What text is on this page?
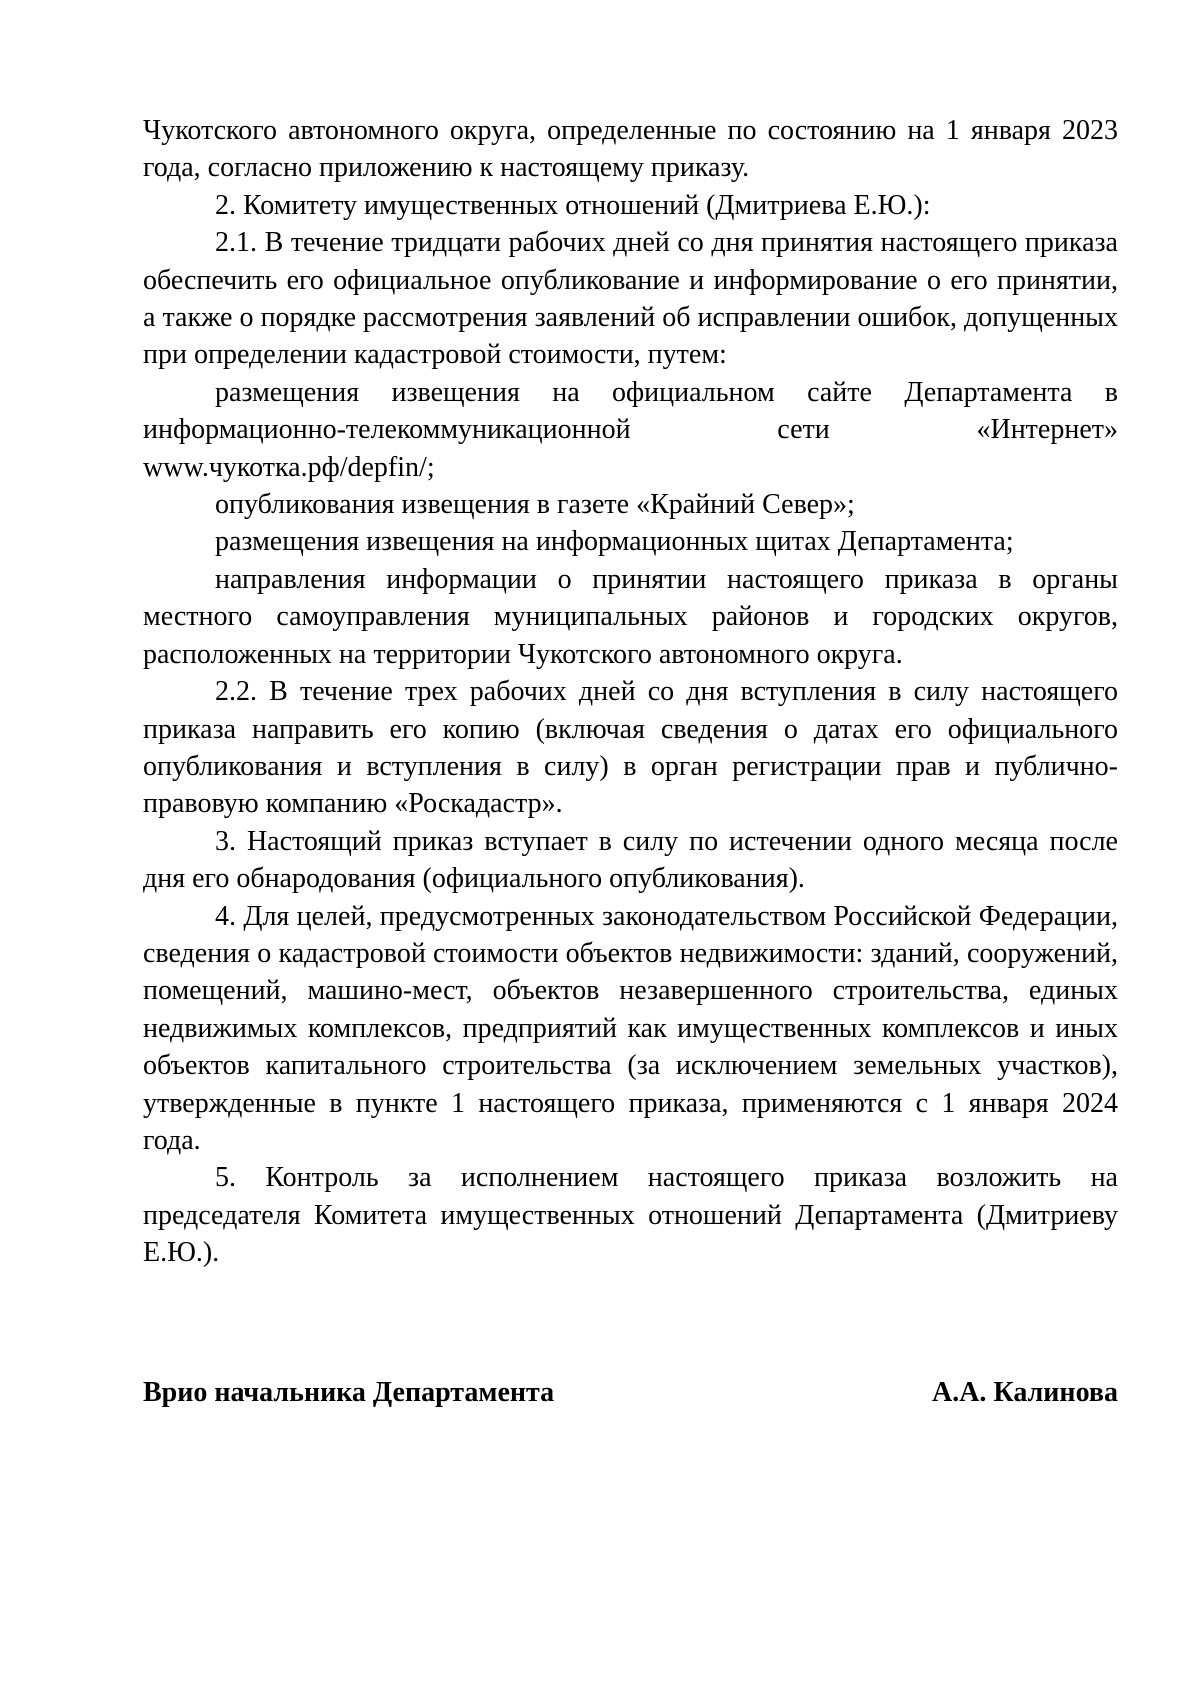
Чукотского автономного округа, определенные по состоянию на 1 января 2023 года, согласно приложению к настоящему приказу.

2. Комитету имущественных отношений (Дмитриева Е.Ю.):

2.1. В течение тридцати рабочих дней со дня принятия настоящего приказа обеспечить его официальное опубликование и информирование о его принятии, а также о порядке рассмотрения заявлений об исправлении ошибок, допущенных при определении кадастровой стоимости, путем:

размещения извещения на официальном сайте Департамента в информационно-телекоммуникационной сети «Интернет» www.чукотка.рф/depfin/;

опубликования извещения в газете «Крайний Север»;

размещения извещения на информационных щитах Департамента;

направления информации о принятии настоящего приказа в органы местного самоуправления муниципальных районов и городских округов, расположенных на территории Чукотского автономного округа.

2.2. В течение трех рабочих дней со дня вступления в силу настоящего приказа направить его копию (включая сведения о датах его официального опубликования и вступления в силу) в орган регистрации прав и публично-правовую компанию «Роскадастр».

3. Настоящий приказ вступает в силу по истечении одного месяца после дня его обнародования (официального опубликования).

4. Для целей, предусмотренных законодательством Российской Федерации, сведения о кадастровой стоимости объектов недвижимости: зданий, сооружений, помещений, машино-мест, объектов незавершенного строительства, единых недвижимых комплексов, предприятий как имущественных комплексов и иных объектов капитального строительства (за исключением земельных участков), утвержденные в пункте 1 настоящего приказа, применяются с 1 января 2024 года.

5. Контроль за исполнением настоящего приказа возложить на председателя Комитета имущественных отношений Департамента (Дмитриеву Е.Ю.).

Врио начальника Департамента	А.А. Калинова
